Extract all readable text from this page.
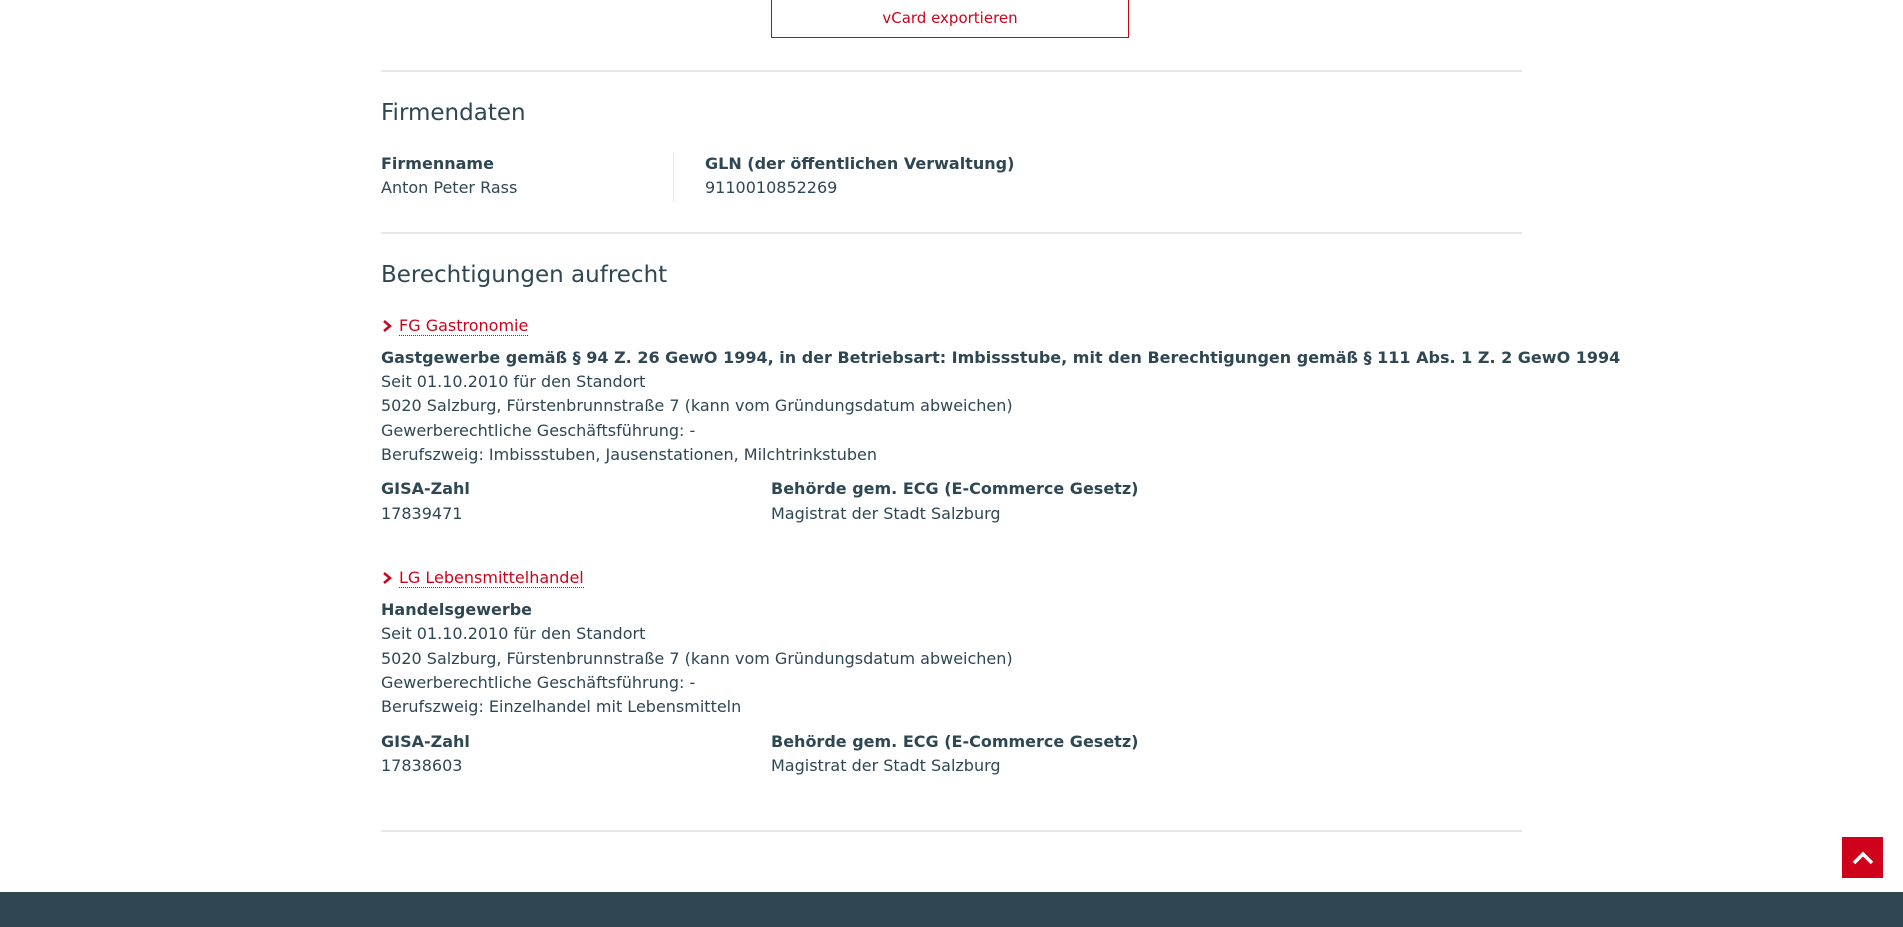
vCard exportieren
Firmendaten
Firmenname
Anton Peter Rass
GLN (der öffentlichen Verwaltung)
9110010852269
Berechtigungen aufrecht
FG Gastronomie
Gastgewerbe gemäß § 94 Z. 26 GewO 1994, in der Betriebsart: Imbissstube, mit den Berechtigungen gemäß § 111 Abs. 1 Z. 2 GewO 1994
Seit 01.10.2010 für den Standort
5020 Salzburg, Fürstenbrunnstraße 7 (kann vom Gründungsdatum abweichen)
Gewerberechtliche Geschäftsführung: -
Berufszweig: Imbissstuben, Jausenstationen, Milchtrinkstuben
GISA-Zahl
17839471
Behörde gem. ECG (E-Commerce Gesetz)
Magistrat der Stadt Salzburg
LG Lebensmittelhandel
Handelsgewerbe
Seit 01.10.2010 für den Standort
5020 Salzburg, Fürstenbrunnstraße 7 (kann vom Gründungsdatum abweichen)
Gewerberechtliche Geschäftsführung: -
Berufszweig: Einzelhandel mit Lebensmitteln
GISA-Zahl
17838603
Behörde gem. ECG (E-Commerce Gesetz)
Magistrat der Stadt Salzburg
